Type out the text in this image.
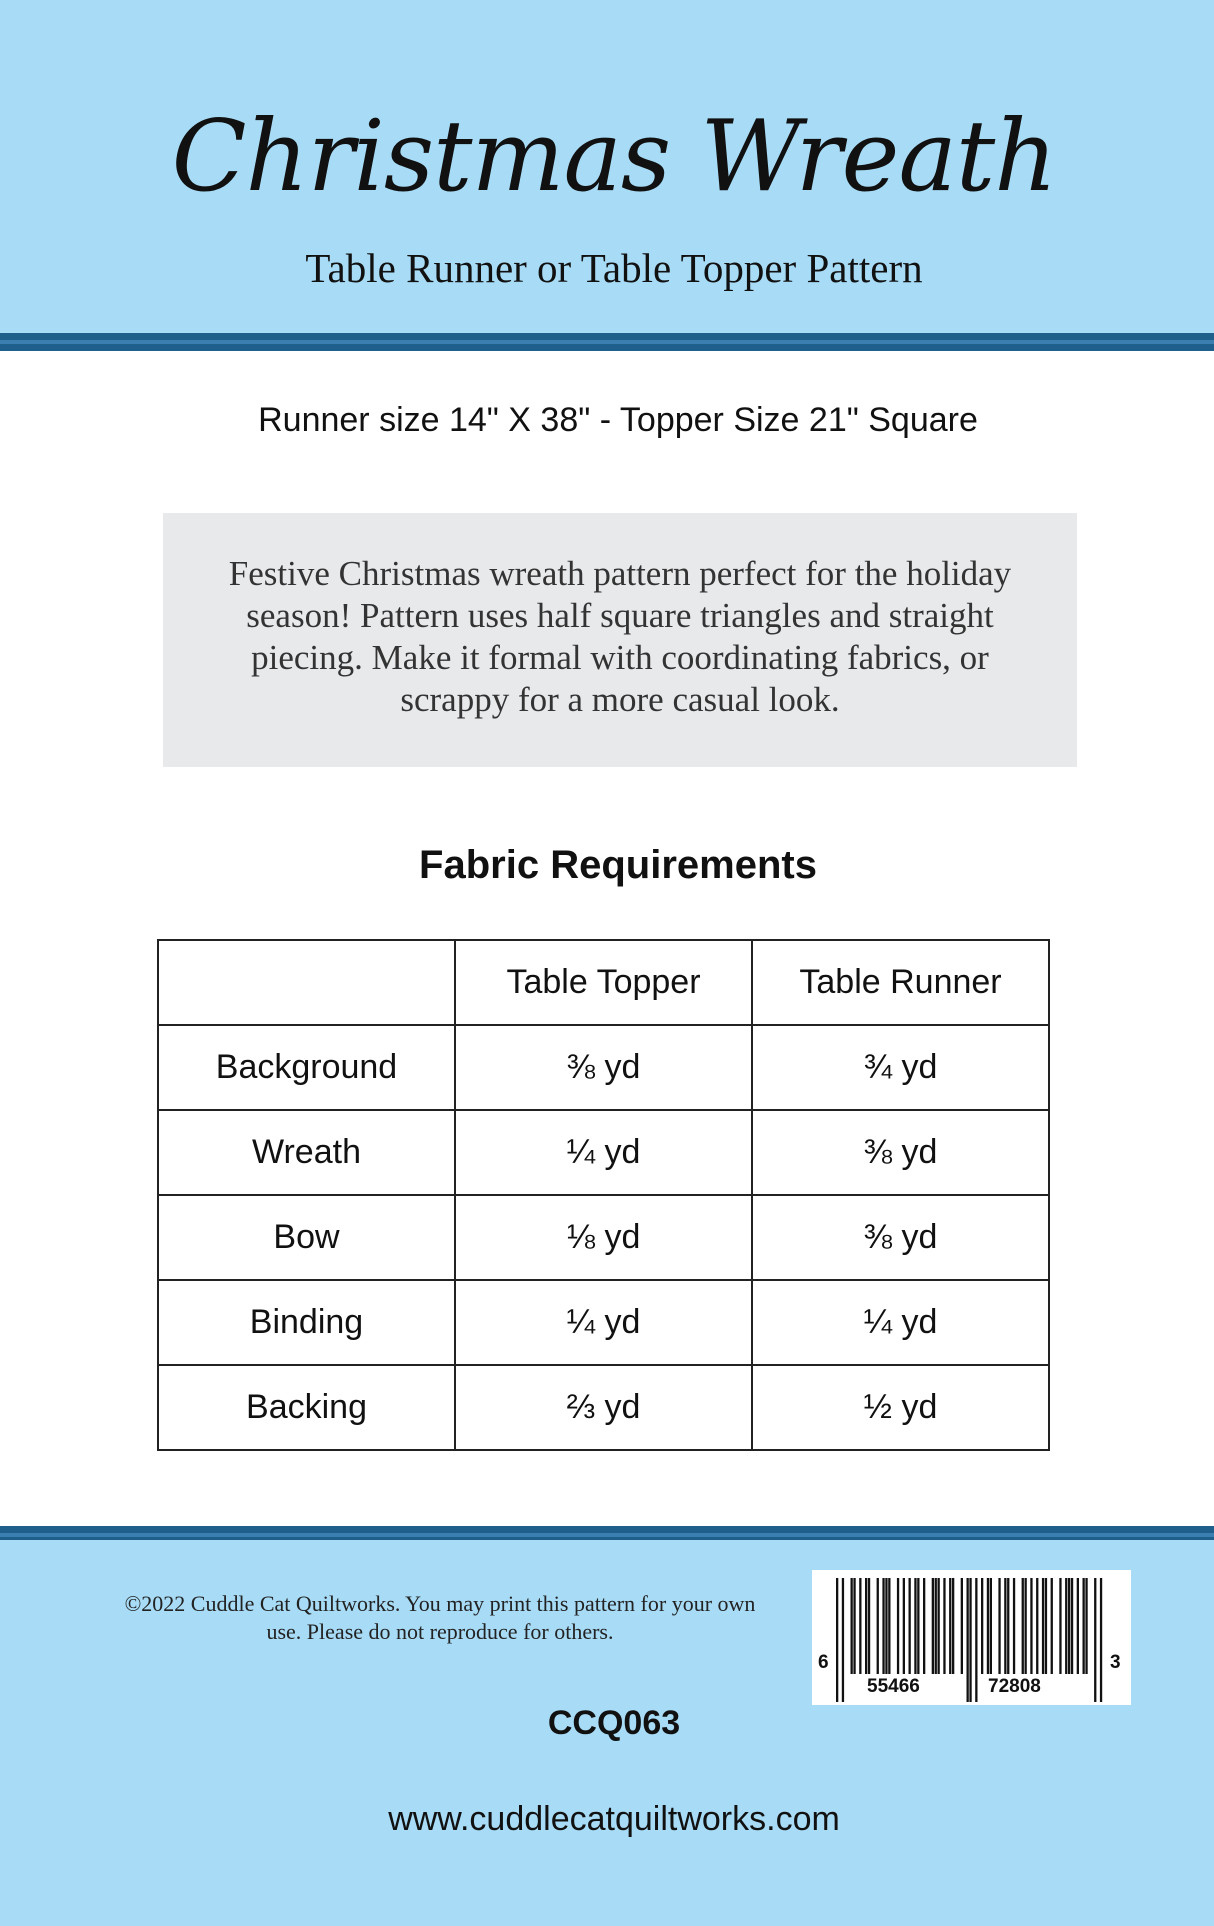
Christmas Wreath
Table Runner or Table Topper Pattern
Runner size 14" X 38" - Topper Size 21" Square
Festive Christmas wreath pattern perfect for the holiday season! Pattern uses half square triangles and straight piecing. Make it formal with coordinating fabrics, or scrappy for a more casual look.
Fabric Requirements
	Table Topper	Table Runner
Background	⅜ yd	¾ yd
Wreath	¼ yd	⅜ yd
Bow	⅛ yd	⅜ yd
Binding	¼ yd	¼ yd
Backing	⅔ yd	½ yd
©2022 Cuddle Cat Quiltworks. You may print this pattern for your own use. Please do not reproduce for others.
6
55466	72808
3
CCQ063
www.cuddlecatquiltworks.com
